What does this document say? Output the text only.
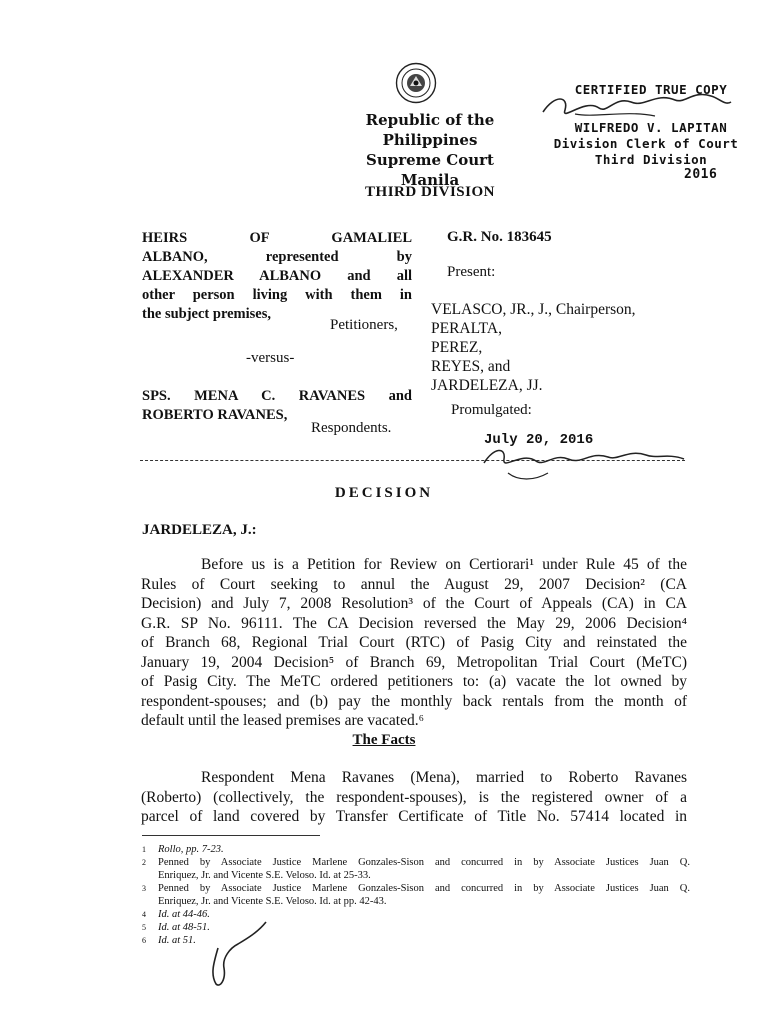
Republic of the Philippines
Supreme Court
Manila
THIRD DIVISION
CERTIFIED TRUE COPY
WILFREDO V. LAPITAN
Division Clerk of Court
Third Division
2016
HEIRS OF GAMALIEL
ALBANO, represented by
ALEXANDER ALBANO and all
other person living with them in
the subject premises,
Petitioners,
-versus-
SPS. MENA C. RAVANES and
ROBERTO RAVANES,
Respondents.
G.R. No. 183645
Present:
VELASCO, JR., J., Chairperson,
PERALTA,
PEREZ,
REYES, and
JARDELEZA, JJ.
Promulgated:
July 20, 2016
DECISION
JARDELEZA, J.:
Before us is a Petition for Review on Certiorari¹ under Rule 45 of the
Rules of Court seeking to annul the August 29, 2007 Decision² (CA
Decision) and July 7, 2008 Resolution³ of the Court of Appeals (CA) in CA
G.R. SP No. 96111. The CA Decision reversed the May 29, 2006 Decision⁴
of Branch 68, Regional Trial Court (RTC) of Pasig City and reinstated the
January 19, 2004 Decision⁵ of Branch 69, Metropolitan Trial Court (MeTC)
of Pasig City. The MeTC ordered petitioners to: (a) vacate the lot owned by
respondent-spouses; and (b) pay the monthly back rentals from the month of
default until the leased premises are vacated.⁶
The Facts
Respondent Mena Ravanes (Mena), married to Roberto Ravanes
(Roberto) (collectively, the respondent-spouses), is the registered owner of a
parcel of land covered by Transfer Certificate of Title No. 57414 located in
1	Rollo, pp. 7-23.
2	Penned by Associate Justice Marlene Gonzales-Sison and concurred in by Associate Justices Juan Q.
Enriquez, Jr. and Vicente S.E. Veloso. Id. at 25-33.
3	Penned by Associate Justice Marlene Gonzales-Sison and concurred in by Associate Justices Juan Q.
Enriquez, Jr. and Vicente S.E. Veloso. Id. at pp. 42-43.
4	Id. at 44-46.
5	Id. at 48-51.
6	Id. at 51.
